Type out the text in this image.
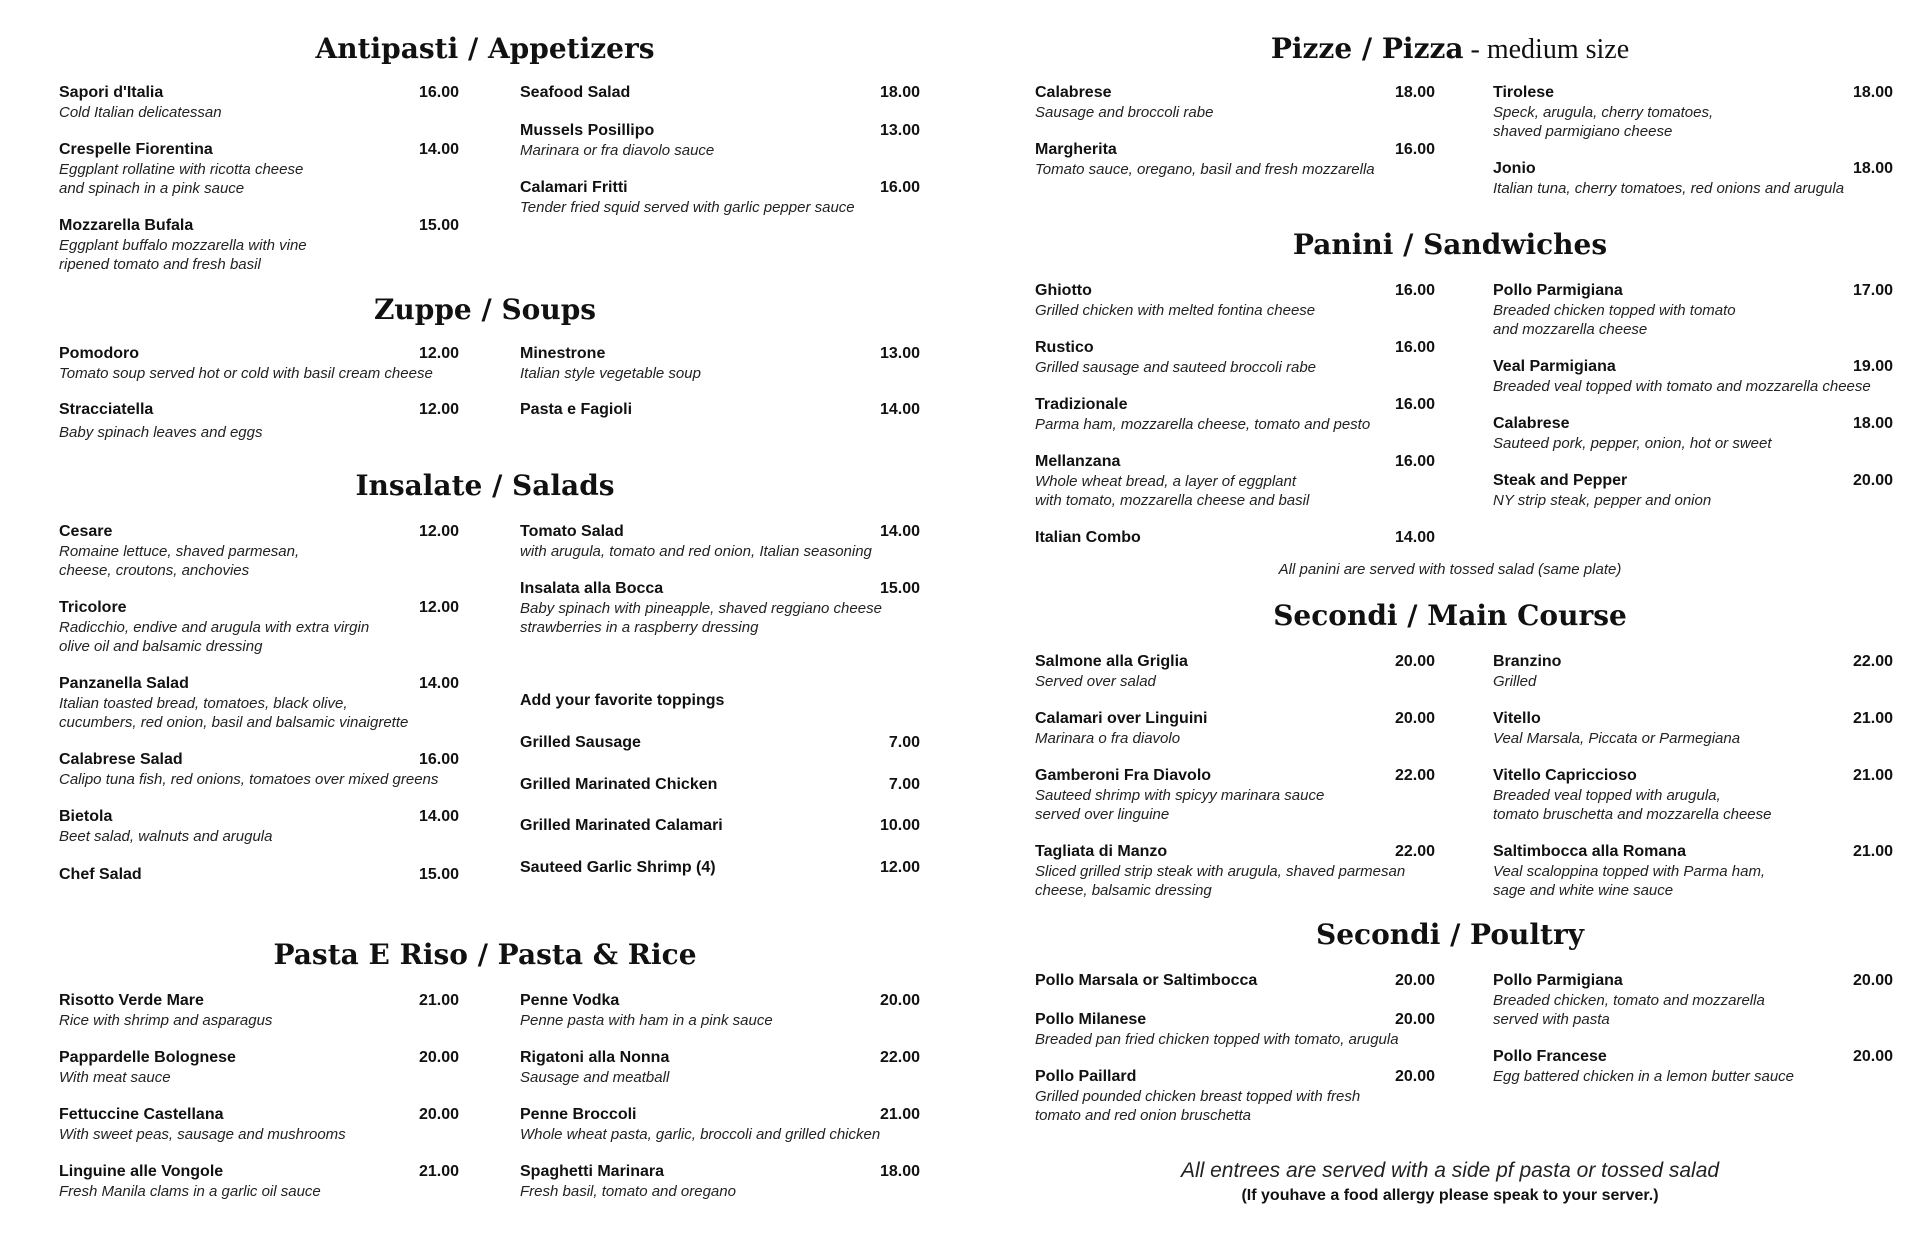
Antipasti / Appetizers
Sapori d'Italia	16.00
Cold Italian delicatessan
Crespelle Fiorentina	14.00
Eggplant rollatine with ricotta cheese
and spinach in a pink sauce
Mozzarella Bufala	15.00
Eggplant buffalo mozzarella with vine
ripened tomato and fresh basil
Seafood Salad	18.00
Mussels Posillipo	13.00
Marinara or fra diavolo sauce
Calamari Fritti	16.00
Tender fried squid served with garlic pepper sauce
Zuppe / Soups
Pomodoro	12.00
Tomato soup served hot or cold with basil cream cheese
Stracciatella	12.00
Baby spinach leaves and eggs
Minestrone	13.00
Italian style vegetable soup
Pasta e Fagioli	14.00
Insalate / Salads
Cesare	12.00
Romaine lettuce, shaved parmesan,
cheese, croutons, anchovies
Tricolore	12.00
Radicchio, endive and arugula with extra virgin
olive oil and balsamic dressing
Panzanella Salad	14.00
Italian toasted bread, tomatoes, black olive,
cucumbers, red onion, basil and balsamic vinaigrette
Calabrese Salad	16.00
Calipo tuna fish, red onions, tomatoes over mixed greens
Bietola	14.00
Beet salad, walnuts and arugula
Chef Salad	15.00
Tomato Salad	14.00
with arugula, tomato and red onion, Italian seasoning
Insalata alla Bocca	15.00
Baby spinach with pineapple, shaved reggiano cheese
strawberries in a raspberry dressing
Add your favorite toppings
Grilled Sausage	7.00
Grilled Marinated Chicken	7.00
Grilled Marinated Calamari	10.00
Sauteed Garlic Shrimp (4)	12.00
Pasta E Riso / Pasta & Rice
Risotto Verde Mare	21.00
Rice with shrimp and asparagus
Pappardelle Bolognese	20.00
With meat sauce
Fettuccine Castellana	20.00
With sweet peas, sausage and mushrooms
Linguine alle Vongole	21.00
Fresh Manila clams in a garlic oil sauce
Penne Vodka	20.00
Penne pasta with ham in a pink sauce
Rigatoni alla Nonna	22.00
Sausage and meatball
Penne Broccoli	21.00
Whole wheat pasta, garlic, broccoli and grilled chicken
Spaghetti Marinara	18.00
Fresh basil, tomato and oregano
Pizze / Pizza - medium size
Calabrese	18.00
Sausage and broccoli rabe
Margherita	16.00
Tomato sauce, oregano, basil and fresh mozzarella
Tirolese	18.00
Speck, arugula, cherry tomatoes,
shaved parmigiano cheese
Jonio	18.00
Italian tuna, cherry tomatoes, red onions and arugula
Panini / Sandwiches
Ghiotto	16.00
Grilled chicken with melted fontina cheese
Rustico	16.00
Grilled sausage and sauteed broccoli rabe
Tradizionale	16.00
Parma ham, mozzarella cheese, tomato and pesto
Mellanzana	16.00
Whole wheat bread, a layer of eggplant
with tomato, mozzarella cheese and basil
Italian Combo	14.00
Pollo Parmigiana	17.00
Breaded chicken topped with tomato
and mozzarella cheese
Veal Parmigiana	19.00
Breaded veal topped with tomato and mozzarella cheese
Calabrese	18.00
Sauteed pork, pepper, onion, hot or sweet
Steak and Pepper	20.00
NY strip steak, pepper and onion
All panini are served with tossed salad (same plate)
Secondi / Main Course
Salmone alla Griglia	20.00
Served over salad
Calamari over Linguini	20.00
Marinara o fra diavolo
Gamberoni Fra Diavolo	22.00
Sauteed shrimp with spicyy marinara sauce
served over linguine
Tagliata di Manzo	22.00
Sliced grilled strip steak with arugula, shaved parmesan
cheese, balsamic dressing
Branzino	22.00
Grilled
Vitello	21.00
Veal Marsala, Piccata or Parmegiana
Vitello Capriccioso	21.00
Breaded veal topped with arugula,
tomato bruschetta and mozzarella cheese
Saltimbocca alla Romana	21.00
Veal scaloppina topped with Parma ham,
sage and white wine sauce
Secondi / Poultry
Pollo Marsala or Saltimbocca	20.00
Pollo Milanese	20.00
Breaded pan fried chicken topped with tomato, arugula
Pollo Paillard	20.00
Grilled pounded chicken breast topped with fresh
tomato and red onion bruschetta
Pollo Parmigiana	20.00
Breaded chicken, tomato and mozzarella
served with pasta
Pollo Francese	20.00
Egg battered chicken in a lemon butter sauce
All entrees are served with a side pf pasta or tossed salad
(If youhave a food allergy please speak to your server.)
